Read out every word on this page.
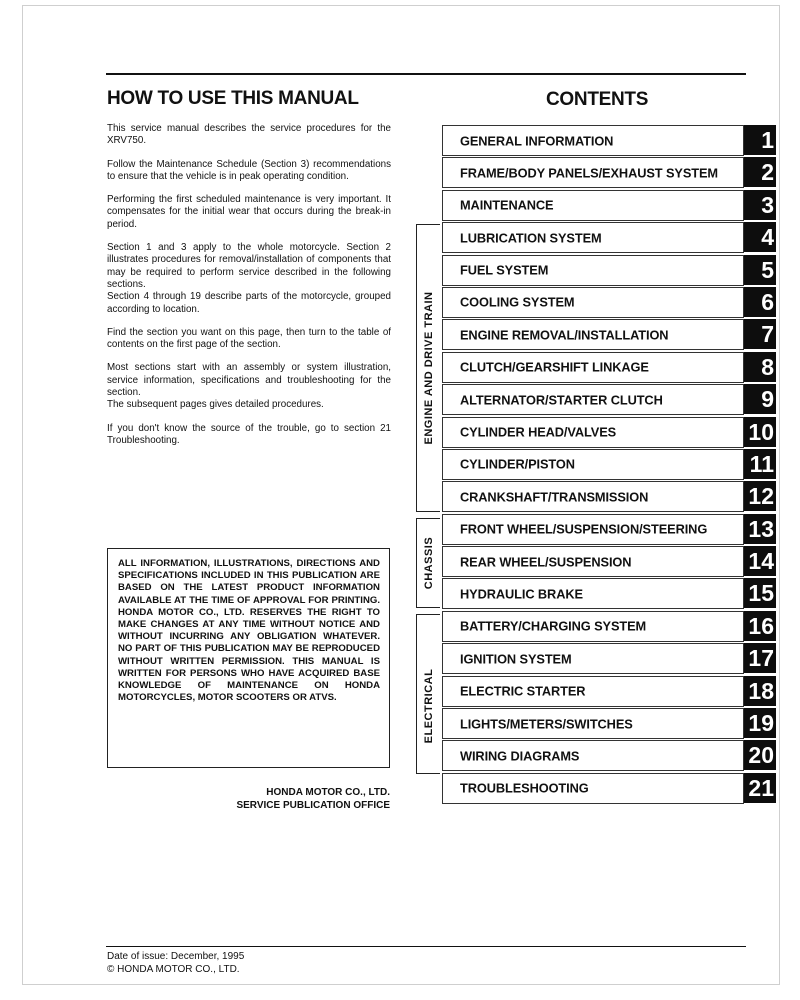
HOW TO USE THIS MANUAL	CONTENTS

This service manual describes the service procedures for the XRV750.

Follow the Maintenance Schedule (Section 3) recommendations to ensure that the vehicle is in peak operating condition.

Performing the first scheduled maintenance is very important. It compensates for the initial wear that occurs during the break-in period.

Section 1 and 3 apply to the whole motorcycle. Section 2 illustrates procedures for removal/installation of components that may be required to perform service described in the following sections.

Section 4 through 19 describe parts of the motorcycle, grouped according to location.

Find the section you want on this page, then turn to the table of contents on the first page of the section.

Most sections start with an assembly or system illustration, service information, specifications and troubleshooting for the section.

The subsequent pages gives detailed procedures.

If you don't know the source of the trouble, go to section 21 Troubleshooting.

ALL INFORMATION, ILLUSTRATIONS, DIRECTIONS AND SPECIFICATIONS INCLUDED IN THIS PUBLICATION ARE BASED ON THE LATEST PRODUCT INFORMATION AVAILABLE AT THE TIME OF APPROVAL FOR PRINTING. HONDA MOTOR CO., LTD. RESERVES THE RIGHT TO MAKE CHANGES AT ANY TIME WITHOUT NOTICE AND WITHOUT INCURRING ANY OBLIGATION WHATEVER. NO PART OF THIS PUBLICATION MAY BE REPRODUCED WITHOUT WRITTEN PERMISSION. THIS MANUAL IS WRITTEN FOR PERSONS WHO HAVE ACQUIRED BASE KNOWLEDGE OF MAINTENANCE ON HONDA MOTORCYCLES, MOTOR SCOOTERS OR ATVS.
HONDA MOTOR CO., LTD.
SERVICE PUBLICATION OFFICE
ENGINE AND DRIVE TRAIN
CHASSIS
ELECTRICAL
GENERAL INFORMATION	1
FRAME/BODY PANELS/EXHAUST SYSTEM	2
MAINTENANCE	3
LUBRICATION SYSTEM	4
FUEL SYSTEM	5
COOLING SYSTEM	6
ENGINE REMOVAL/INSTALLATION	7
CLUTCH/GEARSHIFT LINKAGE	8
ALTERNATOR/STARTER CLUTCH	9
CYLINDER HEAD/VALVES	10
CYLINDER/PISTON	11
CRANKSHAFT/TRANSMISSION	12
FRONT WHEEL/SUSPENSION/STEERING 13
REAR WHEEL/SUSPENSION	14
HYDRAULIC BRAKE	15
BATTERY/CHARGING SYSTEM	16
IGNITION SYSTEM	17
ELECTRIC STARTER	18
LIGHTS/METERS/SWITCHES	19
WIRING DIAGRAMS	20
TROUBLESHOOTING	21
Date of issue: December, 1995
© HONDA MOTOR CO., LTD.
